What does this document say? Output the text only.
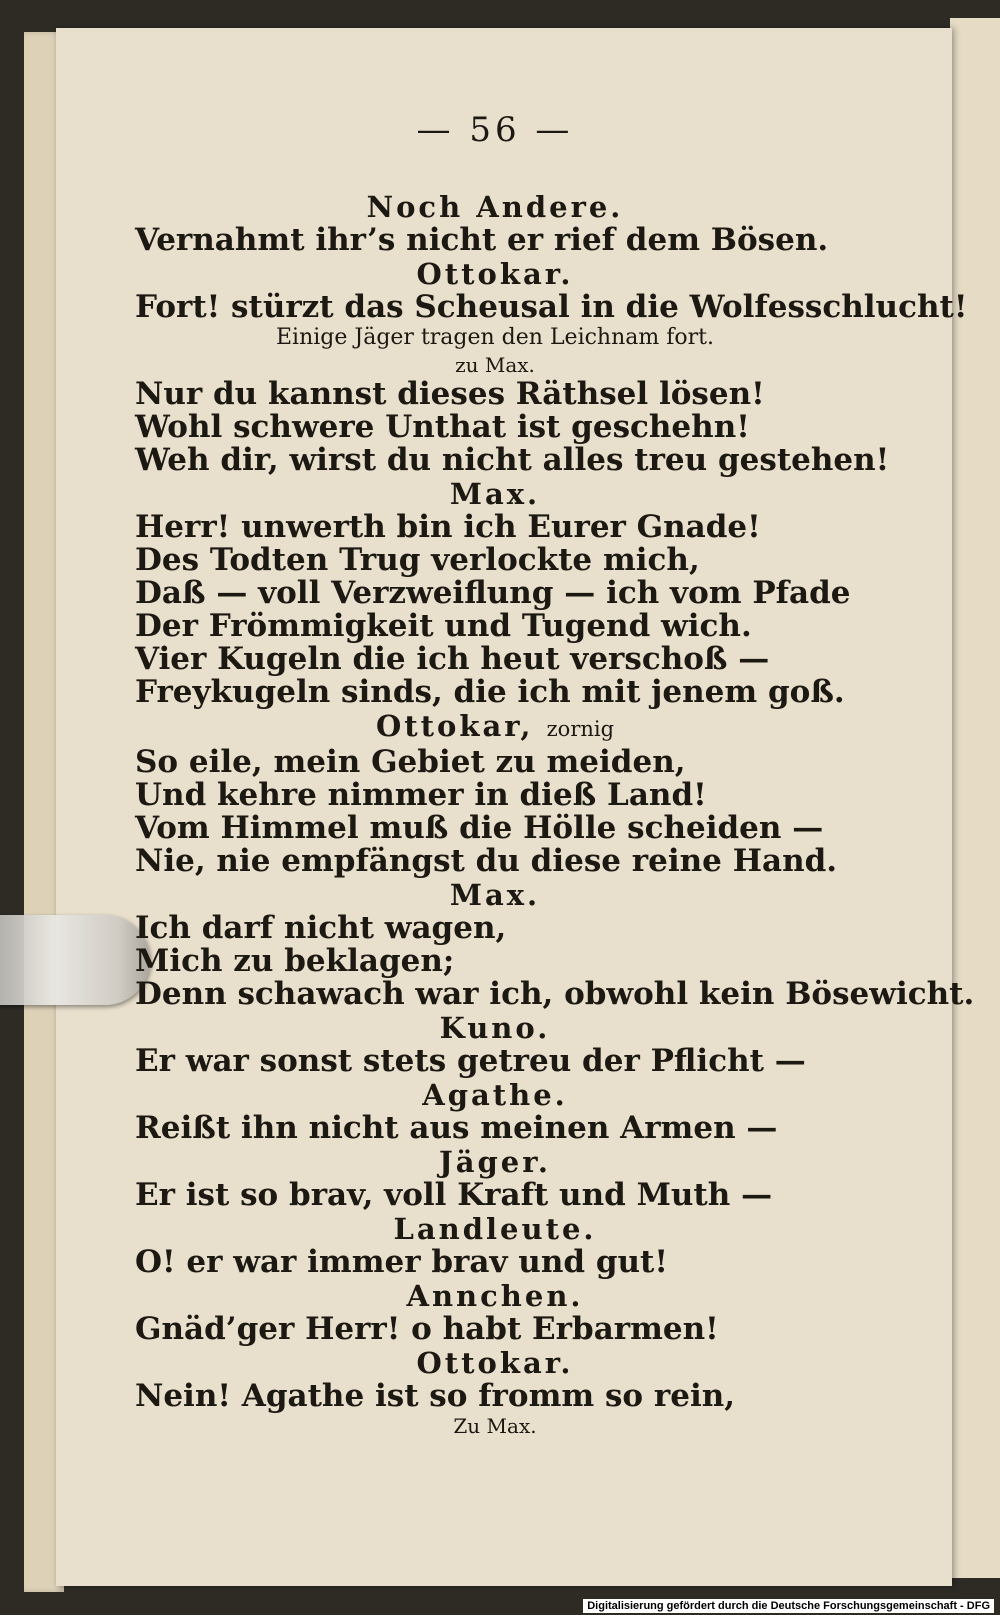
— 56 —
Noch Andere.
Vernahmt ihr’s nicht er rief dem Bösen.
Ottokar.
Fort! stürzt das Scheusal in die Wolfesschlucht!
Einige Jäger tragen den Leichnam fort.
zu Max.
Nur du kannst dieses Räthsel lösen!
Wohl schwere Unthat ist geschehn!
Weh dir, wirst du nicht alles treu gestehen!
Max.
Herr! unwerth bin ich Eurer Gnade!
Des Todten Trug verlockte mich,
Daß — voll Verzweiflung — ich vom Pfade
Der Frömmigkeit und Tugend wich.
Vier Kugeln die ich heut verschoß —
Freykugeln sinds, die ich mit jenem goß.
Ottokar, zornig
So eile, mein Gebiet zu meiden,
Und kehre nimmer in dieß Land!
Vom Himmel muß die Hölle scheiden —
Nie, nie empfängst du diese reine Hand.
Max.
Ich darf nicht wagen,
Mich zu beklagen;
Denn schawach war ich, obwohl kein Bösewicht.
Kuno.
Er war sonst stets getreu der Pflicht —
Agathe.
Reißt ihn nicht aus meinen Armen —
Jäger.
Er ist so brav, voll Kraft und Muth —
Landleute.
O! er war immer brav und gut!
Annchen.
Gnäd’ger Herr! o habt Erbarmen!
Ottokar.
Nein! Agathe ist so fromm so rein,
Zu Max.
Digitalisierung gefördert durch die Deutsche Forschungsgemeinschaft - DFG
